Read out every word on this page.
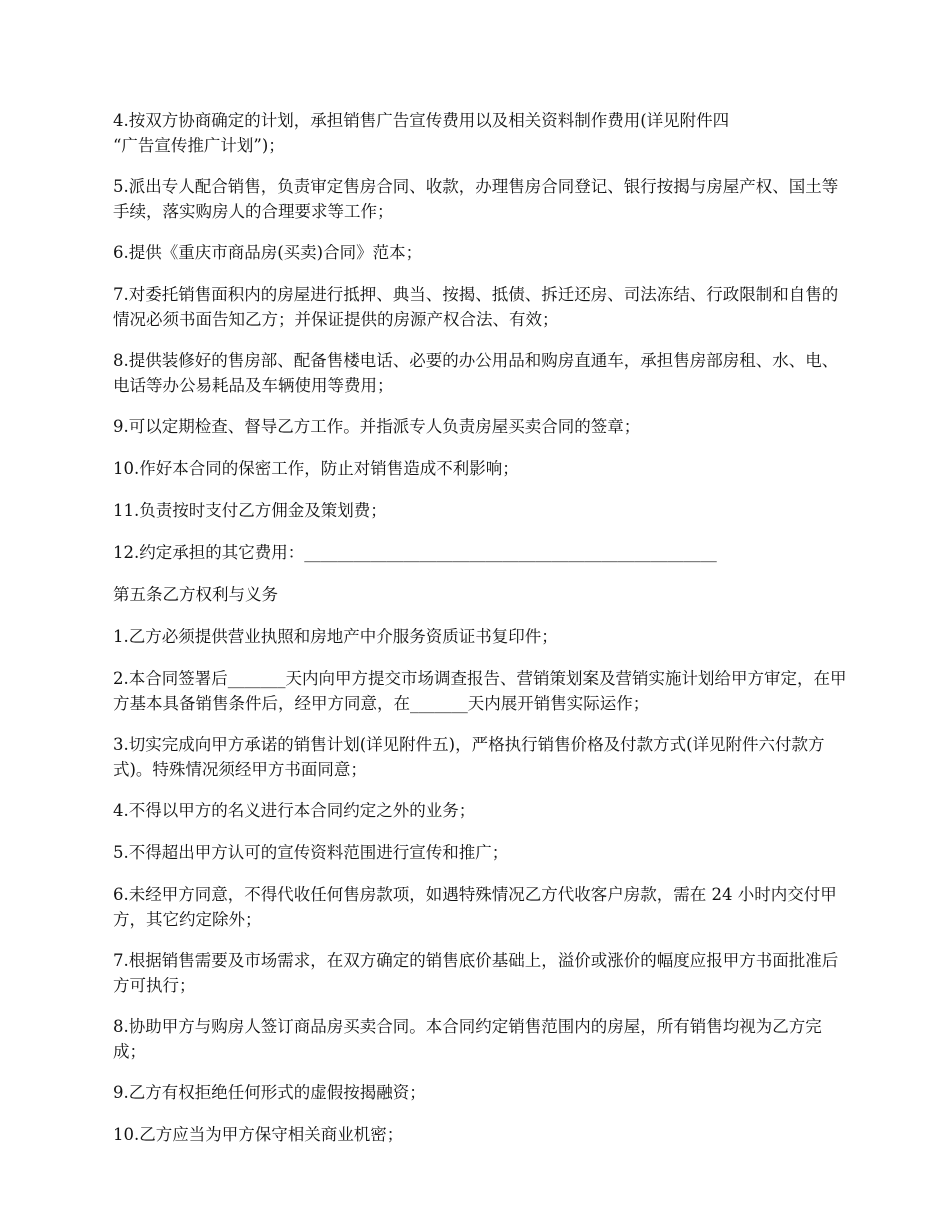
4.按双方协商确定的计划，承担销售广告宣传费用以及相关资料制作费用(详见附件四
“广告宣传推广计划”)；

5.派出专人配合销售，负责审定售房合同、收款，办理售房合同登记、银行按揭与房屋产权、国土等手续，落实购房人的合理要求等工作；

6.提供《重庆市商品房(买卖)合同》范本；

7.对委托销售面积内的房屋进行抵押、典当、按揭、抵债、拆迁还房、司法冻结、行政限制和自售的情况必须书面告知乙方；并保证提供的房源产权合法、有效；

8.提供装修好的售房部、配备售楼电话、必要的办公用品和购房直通车，承担售房部房租、水、电、电话等办公易耗品及车辆使用等费用；

9.可以定期检查、督导乙方工作。并指派专人负责房屋买卖合同的签章；

10.作好本合同的保密工作，防止对销售造成不利影响；

11.负责按时支付乙方佣金及策划费；

12.约定承担的其它费用：__________________________________________________

第五条乙方权利与义务

1.乙方必须提供营业执照和房地产中介服务资质证书复印件；

2.本合同签署后_______天内向甲方提交市场调查报告、营销策划案及营销实施计划给甲方审定，在甲方基本具备销售条件后，经甲方同意，在_______天内展开销售实际运作；

3.切实完成向甲方承诺的销售计划(详见附件五)，严格执行销售价格及付款方式(详见附件六付款方式)。特殊情况须经甲方书面同意；

4.不得以甲方的名义进行本合同约定之外的业务；

5.不得超出甲方认可的宣传资料范围进行宣传和推广；

6.未经甲方同意，不得代收任何售房款项，如遇特殊情况乙方代收客户房款，需在 24 小时内交付甲方，其它约定除外；

7.根据销售需要及市场需求，在双方确定的销售底价基础上，溢价或涨价的幅度应报甲方书面批准后方可执行；

8.协助甲方与购房人签订商品房买卖合同。本合同约定销售范围内的房屋，所有销售均视为乙方完成；

9.乙方有权拒绝任何形式的虚假按揭融资；

10.乙方应当为甲方保守相关商业机密；
